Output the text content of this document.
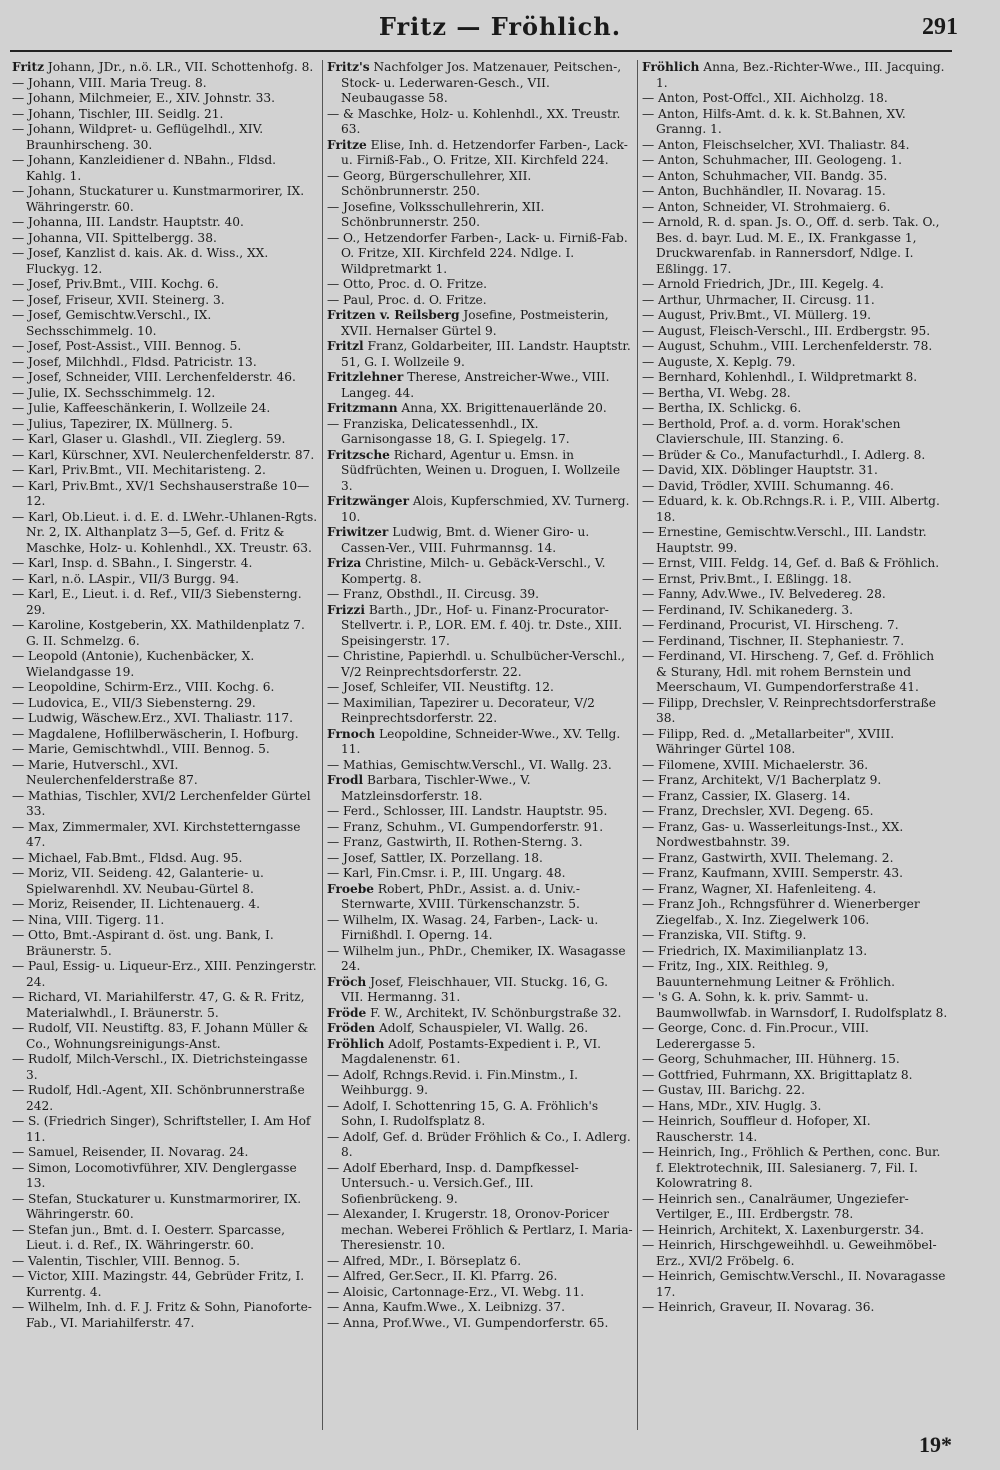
Fritz — Fröhlich.	291

Fritz Johann, JDr., n.ö. LR., VII. Schottenhofg. 8.

— Johann, VIII. Maria Treug. 8.

— Johann, Milchmeier, E., XIV. Johnstr. 33.

— Johann, Tischler, III. Seidlg. 21.

— Johann, Wildpret- u. Geflügelhdl., XIV. Braunhirscheng. 30.

— Johann, Kanzleidiener d. NBahn., Fldsd. Kahlg. 1.

— Johann, Stuckaturer u. Kunstmarmorirer, IX. Währingerstr. 60.

— Johanna, III. Landstr. Hauptstr. 40.

— Johanna, VII. Spittelbergg. 38.

— Josef, Kanzlist d. kais. Ak. d. Wiss., XX. Fluckyg. 12.

— Josef, Priv.Bmt., VIII. Kochg. 6.

— Josef, Friseur, XVII. Steinerg. 3.

— Josef, Gemischtw.Verschl., IX. Sechsschimmelg. 10.

— Josef, Post-Assist., VIII. Bennog. 5.

— Josef, Milchhdl., Fldsd. Patricistr. 13.

— Josef, Schneider, VIII. Lerchenfelderstr. 46.

— Julie, IX. Sechsschimmelg. 12.

— Julie, Kaffeeschänkerin, I. Wollzeile 24.

— Julius, Tapezirer, IX. Müllnerg. 5.

— Karl, Glaser u. Glashdl., VII. Zieglerg. 59.

— Karl, Kürschner, XVI. Neulerchenfelderstr. 87.

— Karl, Priv.Bmt., VII. Mechitaristeng. 2.

— Karl, Priv.Bmt., XV/1 Sechshauserstraße 10—12.

— Karl, Ob.Lieut. i. d. E. d. LWehr.-Uhlanen-Rgts. Nr. 2, IX. Althanplatz 3—5, Gef. d. Fritz & Maschke, Holz- u. Kohlenhdl., XX. Treustr. 63.

— Karl, Insp. d. SBahn., I. Singerstr. 4.

— Karl, n.ö. LAspir., VII/3 Burgg. 94.

— Karl, E., Lieut. i. d. Ref., VII/3 Siebensterng. 29.

— Karoline, Kostgeberin, XX. Mathildenplatz 7. G. II. Schmelzg. 6.

— Leopold (Antonie), Kuchenbäcker, X. Wielandgasse 19.

— Leopoldine, Schirm-Erz., VIII. Kochg. 6.

— Ludovica, E., VII/3 Siebensterng. 29.

— Ludwig, Wäschew.Erz., XVI. Thaliastr. 117.

— Magdalene, Hoflilberwäscherin, I. Hofburg.

— Marie, Gemischtwhdl., VIII. Bennog. 5.

— Marie, Hutverschl., XVI. Neulerchenfelderstraße 87.

— Mathias, Tischler, XVI/2 Lerchenfelder Gürtel 33.

— Max, Zimmermaler, XVI. Kirchstetterngasse 47.

— Michael, Fab.Bmt., Fldsd. Aug. 95.

— Moriz, VII. Seidenɡ. 42, Galanterie- u. Spielwarenhdl. XV. Neubau-Gürtel 8.

— Moriz, Reisender, II. Lichtenauerg. 4.

— Nina, VIII. Tigerg. 11.

— Otto, Bmt.-Aspirant d. öst. ung. Bank, I. Bräunerstr. 5.

— Paul, Essig- u. Liqueur-Erz., XIII. Penzingerstr. 24.

— Richard, VI. Mariahilferstr. 47, G. & R. Fritz, Materialwhdl., I. Bräunerstr. 5.

— Rudolf, VII. Neustiftg. 83, F. Johann Müller & Co., Wohnungsreinigungs-Anst.

— Rudolf, Milch-Verschl., IX. Dietrichsteingasse 3.

— Rudolf, Hdl.-Agent, XII. Schönbrunnerstraße 242.

— S. (Friedrich Singer), Schriftsteller, I. Am Hof 11.

— Samuel, Reisender, II. Novarag. 24.

— Simon, Locomotivführer, XIV. Denglergasse 13.

— Stefan, Stuckaturer u. Kunstmarmorirer, IX. Währingerstr. 60.

— Stefan jun., Bmt. d. I. Oesterr. Sparcasse, Lieut. i. d. Ref., IX. Währingerstr. 60.

— Valentin, Tischler, VIII. Bennog. 5.

— Victor, XIII. Mazingstr. 44, Gebrüder Fritz, I. Kurrentg. 4.

— Wilhelm, Inh. d. F. J. Fritz & Sohn, Pianoforte-Fab., VI. Mariahilferstr. 47.

Fritz's Nachfolger Jos. Matzenauer, Peitschen-, Stock- u. Lederwaren-Gesch., VII. Neubaugasse 58.

— & Maschke, Holz- u. Kohlenhdl., XX. Treustr. 63.

Fritze Elise, Inh. d. Hetzendorfer Farben-, Lack- u. Firniß-Fab., O. Fritze, XII. Kirchfeld 224.

— Georg, Bürgerschullehrer, XII. Schönbrunnerstr. 250.

— Josefine, Volksschullehrerin, XII. Schönbrunnerstr. 250.

— O., Hetzendorfer Farben-, Lack- u. Firniß-Fab. O. Fritze, XII. Kirchfeld 224. Ndlge. I. Wildpretmarkt 1.

— Otto, Proc. d. O. Fritze.

— Paul, Proc. d. O. Fritze.

Fritzen v. Reilsberg Josefine, Postmeisterin, XVII. Hernalser Gürtel 9.

Fritzl Franz, Goldarbeiter, III. Landstr. Hauptstr. 51, G. I. Wollzeile 9.

Fritzlehner Therese, Anstreicher-Wwe., VIII. Langeg. 44.

Fritzmann Anna, XX. Brigittenauerlände 20.

— Franziska, Delicatessenhdl., IX. Garnisongasse 18, G. I. Spiegelg. 17.

Fritzsche Richard, Agentur u. Emsn. in Südfrüchten, Weinen u. Droguen, I. Wollzeile 3.

Fritzwänger Alois, Kupferschmied, XV. Turnerg. 10.

Friwitzer Ludwig, Bmt. d. Wiener Giro- u. Cassen-Ver., VIII. Fuhrmannsg. 14.

Friza Christine, Milch- u. Gebäck-Verschl., V. Kompertg. 8.

— Franz, Obsthdl., II. Circusg. 39.

Frizzi Barth., JDr., Hof- u. Finanz-Procurator-Stellvertr. i. P., LOR. EM. f. 40j. tr. Dste., XIII. Speisingerstr. 17.

— Christine, Papierhdl. u. Schulbücher-Verschl., V/2 Reinprechtsdorferstr. 22.

— Josef, Schleifer, VII. Neustiftg. 12.

— Maximilian, Tapezirer u. Decorateur, V/2 Reinprechtsdorferstr. 22.

Frnoch Leopoldine, Schneider-Wwe., XV. Tellg. 11.

— Mathias, Gemischtw.Verschl., VI. Wallg. 23.

Frodl Barbara, Tischler-Wwe., V. Matzleinsdorferstr. 18.

— Ferd., Schlosser, III. Landstr. Hauptstr. 95.

— Franz, Schuhm., VI. Gumpendorferstr. 91.

— Franz, Gastwirth, II. Rothen-Sterng. 3.

— Josef, Sattler, IX. Porzellang. 18.

— Karl, Fin.Cmsr. i. P., III. Ungarg. 48.

Froebe Robert, PhDr., Assist. a. d. Univ.-Sternwarte, XVIII. Türkenschanzstr. 5.

— Wilhelm, IX. Wasag. 24, Farben-, Lack- u. Firnißhdl. I. Operng. 14.

— Wilhelm jun., PhDr., Chemiker, IX. Wasagasse 24.

Fröch Josef, Fleischhauer, VII. Stuckg. 16, G. VII. Hermanng. 31.

Fröde F. W., Architekt, IV. Schönburgstraße 32.

Fröden Adolf, Schauspieler, VI. Wallg. 26.

Fröhlich Adolf, Postamts-Expedient i. P., VI. Magdalenenstr. 61.

— Adolf, Rchngs.Revid. i. Fin.Minstm., I. Weihburgg. 9.

— Adolf, I. Schottenring 15, G. A. Fröhlich's Sohn, I. Rudolfsplatz 8.

— Adolf, Gef. d. Brüder Fröhlich & Co., I. Adlerg. 8.

— Adolf Eberhard, Insp. d. Dampfkessel-Untersuch.- u. Versich.Gef., III. Sofienbrückeng. 9.

— Alexander, I. Krugerstr. 18, Oronov-Poricer mechan. Weberei Fröhlich & Pertlarz, I. Maria-Theresienstr. 10.

— Alfred, MDr., I. Börseplatz 6.

— Alfred, Ger.Secr., II. Kl. Pfarrg. 26.

— Aloisic, Cartonnage-Erz., VI. Webg. 11.

— Anna, Kaufm.Wwe., X. Leibnizg. 37.

— Anna, Prof.Wwe., VI. Gumpendorferstr. 65.

Fröhlich Anna, Bez.-Richter-Wwe., III. Jacquing. 1.

— Anton, Post-Offcl., XII. Aichholzg. 18.

— Anton, Hilfs-Amt. d. k. k. St.Bahnen, XV. Granng. 1.

— Anton, Fleischselcher, XVI. Thaliastr. 84.

— Anton, Schuhmacher, III. Geologeng. 1.

— Anton, Schuhmacher, VII. Bandg. 35.

— Anton, Buchhändler, II. Novarag. 15.

— Anton, Schneider, VI. Strohmaierg. 6.

— Arnold, R. d. span. Js. O., Off. d. serb. Tak. O., Bes. d. bayr. Lud. M. E., IX. Frankgasse 1, Druckwarenfab. in Rannersdorf, Ndlge. I. Eßlingg. 17.

— Arnold Friedrich, JDr., III. Kegelg. 4.

— Arthur, Uhrmacher, II. Circusg. 11.

— August, Priv.Bmt., VI. Müllerg. 19.

— August, Fleisch-Verschl., III. Erdbergstr. 95.

— August, Schuhm., VIII. Lerchenfelderstr. 78.

— Auguste, X. Keplg. 79.

— Bernhard, Kohlenhdl., I. Wildpretmarkt 8.

— Bertha, VI. Webg. 28.

— Bertha, IX. Schlickg. 6.

— Berthold, Prof. a. d. vorm. Horak'schen Clavierschule, III. Stanzing. 6.

— Brüder & Co., Manufacturhdl., I. Adlerg. 8.

— David, XIX. Döblinger Hauptstr. 31.

— David, Trödler, XVIII. Schumanng. 46.

— Eduard, k. k. Ob.Rchngs.R. i. P., VIII. Albertg. 18.

— Ernestine, Gemischtw.Verschl., III. Landstr. Hauptstr. 99.

— Ernst, VIII. Feldg. 14, Gef. d. Baß & Fröhlich.

— Ernst, Priv.Bmt., I. Eßlingg. 18.

— Fanny, Adv.Wwe., IV. Belvedereg. 28.

— Ferdinand, IV. Schikanederg. 3.

— Ferdinand, Procurist, VI. Hirscheng. 7.

— Ferdinand, Tischner, II. Stephaniestr. 7.

— Ferdinand, VI. Hirscheng. 7, Gef. d. Fröhlich & Sturany, Hdl. mit rohem Bernstein und Meerschaum, VI. Gumpendorferstraße 41.

— Filipp, Drechsler, V. Reinprechtsdorferstraße 38.

— Filipp, Red. d. „Metallarbeiter", XVIII. Währinger Gürtel 108.

— Filomene, XVIII. Michaelerstr. 36.

— Franz, Architekt, V/1 Bacherplatz 9.

— Franz, Cassier, IX. Glaserg. 14.

— Franz, Drechsler, XVI. Degeng. 65.

— Franz, Gas- u. Wasserleitungs-Inst., XX. Nordwestbahnstr. 39.

— Franz, Gastwirth, XVII. Thelemang. 2.

— Franz, Kaufmann, XVIII. Semperstr. 43.

— Franz, Wagner, XI. Hafenleiteng. 4.

— Franz Joh., Rchngsführer d. Wienerberger Ziegelfab., X. Inz. Ziegelwerk 106.

— Franziska, VII. Stiftg. 9.

— Friedrich, IX. Maximilianplatz 13.

— Fritz, Ing., XIX. Reithleg. 9, Bauunternehmung Leitner & Fröhlich.

— 's G. A. Sohn, k. k. priv. Sammt- u. Baumwollwfab. in Warnsdorf, I. Rudolfsplatz 8.

— George, Conc. d. Fin.Procur., VIII. Lederergasse 5.

— Georg, Schuhmacher, III. Hühnerg. 15.

— Gottfried, Fuhrmann, XX. Brigittaplatz 8.

— Gustav, III. Barichg. 22.

— Hans, MDr., XIV. Huglg. 3.

— Heinrich, Souffleur d. Hofoper, XI. Rauscherstr. 14.

— Heinrich, Ing., Fröhlich & Perthen, conc. Bur. f. Elektrotechnik, III. Salesianerg. 7, Fil. I. Kolowratring 8.

— Heinrich sen., Canalräumer, Ungeziefer-Vertilger, E., III. Erdbergstr. 78.

— Heinrich, Architekt, X. Laxenburgerstr. 34.

— Heinrich, Hirschgeweihhdl. u. Geweihmöbel-Erz., XVI/2 Fröbelg. 6.

— Heinrich, Gemischtw.Verschl., II. Novaragasse 17.

— Heinrich, Graveur, II. Novarag. 36.

19*
